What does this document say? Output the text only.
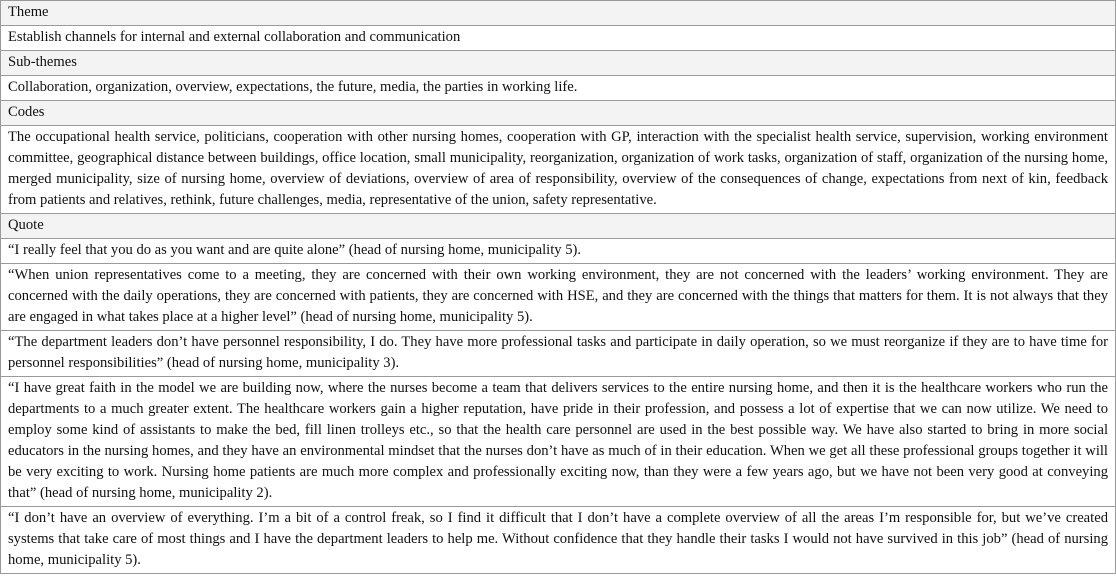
Theme

Establish channels for internal and external collaboration and communication

Sub-themes

Collaboration, organization, overview, expectations, the future, media, the parties in working life.

Codes

The occupational health service, politicians, cooperation with other nursing homes, cooperation with GP, interaction with the specialist health service, supervision, working environment committee, geographical distance between buildings, office location, small municipality, reorganization, organization of work tasks, organization of staff, organization of the nursing home, merged municipality, size of nursing home, overview of deviations, overview of area of responsibility, overview of the consequences of change, expectations from next of kin, feedback from patients and relatives, rethink, future challenges, media, representative of the union, safety representative.

Quote

“I really feel that you do as you want and are quite alone” (head of nursing home, municipality 5).

“When union representatives come to a meeting, they are concerned with their own working environment, they are not concerned with the leaders’ working environment. They are concerned with the daily operations, they are concerned with patients, they are concerned with HSE, and they are concerned with the things that matters for them. It is not always that they are engaged in what takes place at a higher level” (head of nursing home, municipality 5).

“The department leaders don’t have personnel responsibility, I do. They have more professional tasks and participate in daily operation, so we must reorganize if they are to have time for personnel responsibilities” (head of nursing home, municipality 3).

“I have great faith in the model we are building now, where the nurses become a team that delivers services to the entire nursing home, and then it is the healthcare workers who run the departments to a much greater extent. The healthcare workers gain a higher reputation, have pride in their profession, and possess a lot of expertise that we can now utilize. We need to employ some kind of assistants to make the bed, fill linen trolleys etc., so that the health care personnel are used in the best possible way. We have also started to bring in more social educators in the nursing homes, and they have an environmental mindset that the nurses don’t have as much of in their education. When we get all these professional groups together it will be very exciting to work. Nursing home patients are much more complex and professionally exciting now, than they were a few years ago, but we have not been very good at conveying that” (head of nursing home, municipality 2).

“I don’t have an overview of everything. I’m a bit of a control freak, so I find it difficult that I don’t have a complete overview of all the areas I’m responsible for, but we’ve created systems that take care of most things and I have the department leaders to help me. Without confidence that they handle their tasks I would not have survived in this job” (head of nursing home, municipality 5).
